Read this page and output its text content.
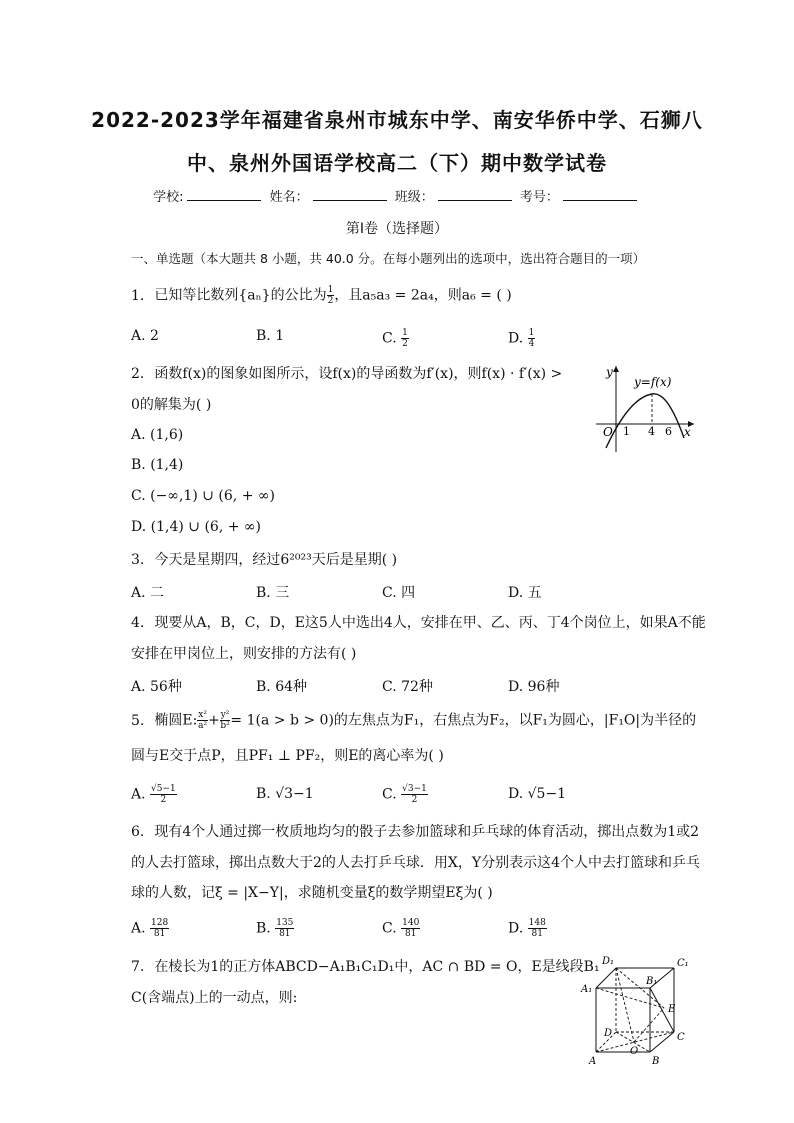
2022-2023学年福建省泉州市城东中学、南安华侨中学、石狮八
中、泉州外国语学校高二（下）期中数学试卷
学校:	姓名：	班级：	考号：
第Ⅰ卷（选择题）
一、单选题（本大题共 8 小题，共 40.0 分。在每小题列出的选项中，选出符合题目的一项）
1. 已知等比数列{aₙ}的公比为 $\frac{1}{2}$ ，且a₅a₃ = 2a₄，则a₆ = ( )
A. 2	B. 1	C. $\frac{1}{2}$	D. $\frac{1}{4}$
2. 函数f(x)的图象如图所示，设f(x)的导函数为f′(x)，则f(x) · f′(x) >
0的解集为( )
A. (1,6)
B. (1,4)
C. (−∞,1) ∪ (6, + ∞)
D. (1,4) ∪ (6, + ∞)
y=f(x)
y
x
O 1 4 6
3. 今天是星期四，经过6²⁰²³天后是星期( )
A. 二	B. 三	C. 四	D. 五
4. 现要从A，B，C，D，E这5人中选出4人，安排在甲、乙、丙、丁4个岗位上，如果A不能
安排在甲岗位上，则安排的方法有( )
A. 56种	B. 64种	C. 72种	D. 96种
5. 椭圆E: $\frac{\text{x²}}{\text{a²}} + \frac{\text{y²}}{\text{b²}} = 1(a > b > 0)$的左焦点为F₁，右焦点为F₂，以F₁为圆心，|F₁O|为半径的
圆与E交于点P，且PF₁ ⊥ PF₂，则E的离心率为( )
A. $\frac{√5-1}{2}$	B. √3−1	C. $\frac{√3-1}{2}$	D. √5−1
6. 现有4个人通过掷一枚质地均匀的骰子去参加篮球和乒乓球的体育活动，掷出点数为1或2
的人去打篮球，掷出点数大于2的人去打乒乓球．用X，Y分别表示这4个人中去打篮球和乒乓
球的人数，记ξ = |X−Y|，求随机变量ξ的数学期望Eξ为( )
A. $\frac{128}{81}$	B. $\frac{135}{81}$	C. $\frac{140}{81}$	D. $\frac{148}{81}$
7. 在棱长为1的正方体ABCD−A₁B₁C₁D₁中，AC ∩ BD = O，E是线段B₁
C(含端点)上的一动点，则:
D₁	C₁
A₁
B₁
E
D	C
O
A	B
